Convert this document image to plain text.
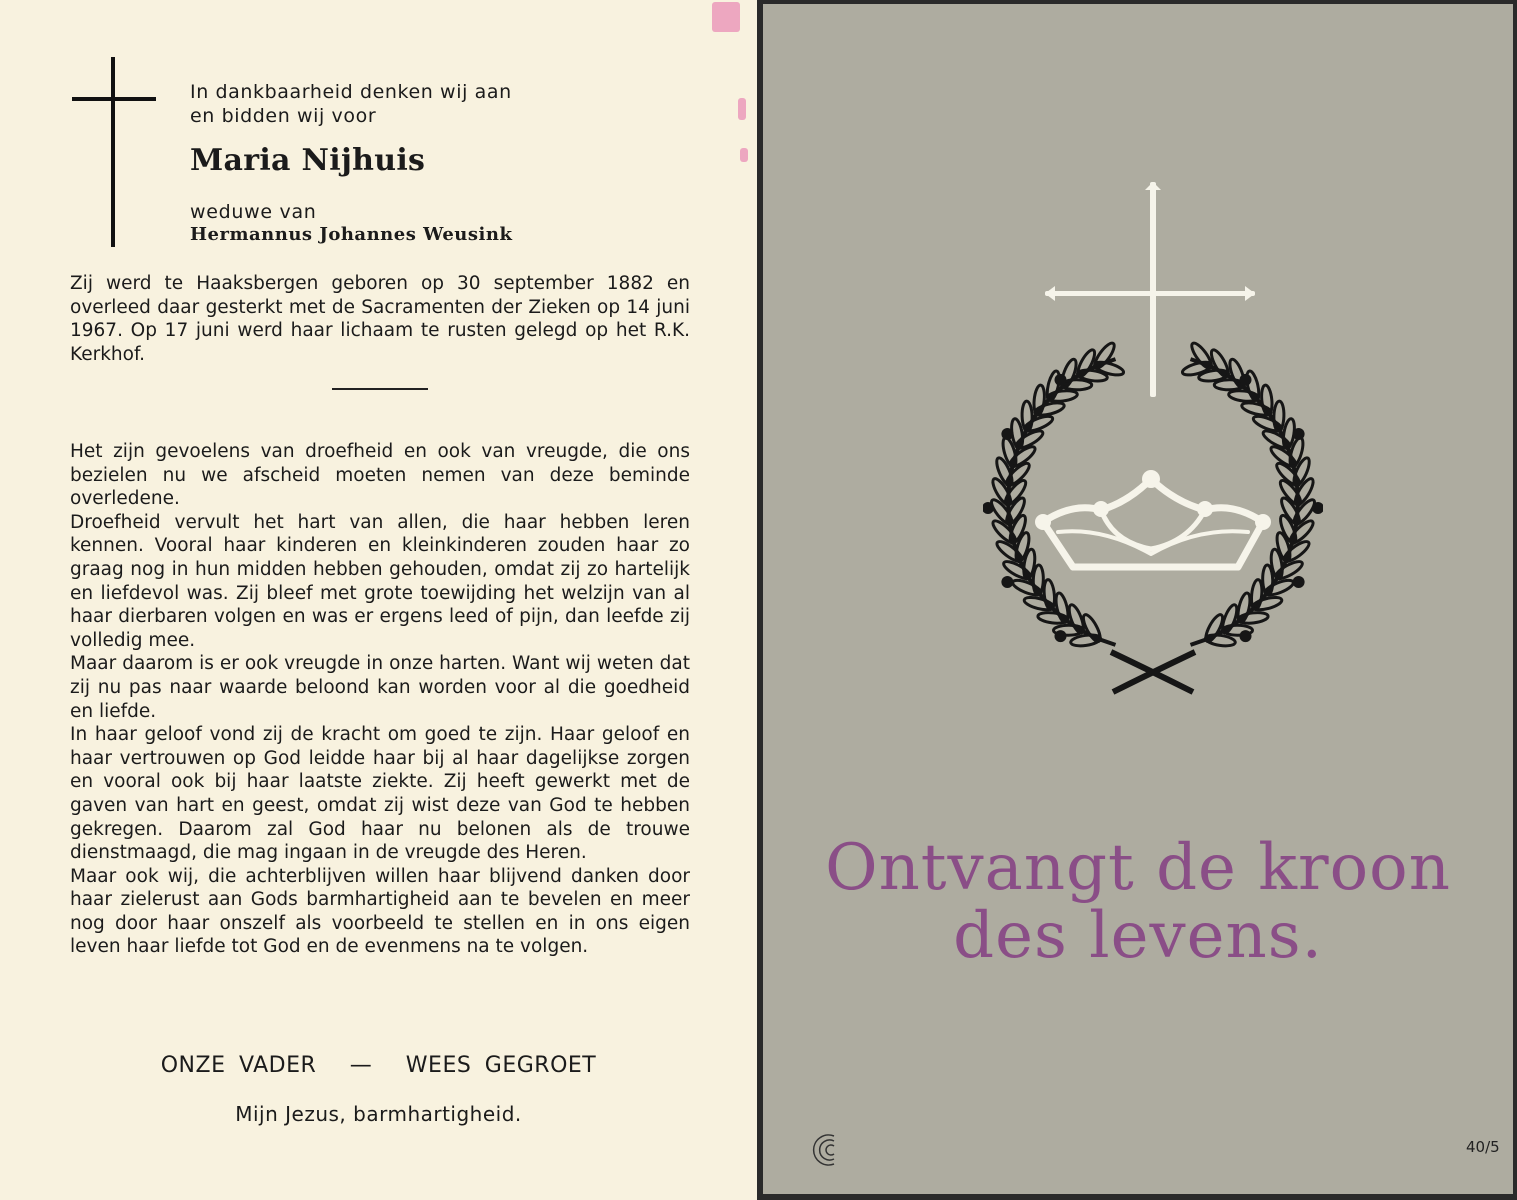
In dankbaarheid denken wij aan
en bidden wij voor
Maria Nijhuis
weduwe van
Hermannus Johannes Weusink
Zij werd te Haaksbergen geboren op 30 september 1882 en overleed daar gesterkt met de Sacramenten der Zieken op 14 juni 1967. Op 17 juni werd haar lichaam te rusten gelegd op het R.K. Kerkhof.

Het zijn gevoelens van droefheid en ook van vreugde, die ons bezielen nu we afscheid moeten nemen van deze beminde overledene.

Droefheid vervult het hart van allen, die haar hebben leren kennen. Vooral haar kinderen en kleinkinderen zouden haar zo graag nog in hun midden hebben gehouden, omdat zij zo hartelijk en liefdevol was. Zij bleef met grote toewijding het welzijn van al haar dierbaren volgen en was er ergens leed of pijn, dan leefde zij volledig mee.

Maar daarom is er ook vreugde in onze harten. Want wij weten dat zij nu pas naar waarde beloond kan worden voor al die goedheid en liefde.

In haar geloof vond zij de kracht om goed te zijn. Haar geloof en haar vertrouwen op God leidde haar bij al haar dagelijkse zorgen en vooral ook bij haar laatste ziekte. Zij heeft gewerkt met de gaven van hart en geest, omdat zij wist deze van God te hebben gekregen. Daarom zal God haar nu belonen als de trouwe dienstmaagd, die mag ingaan in de vreugde des Heren.

Maar ook wij, die achterblijven willen haar blijvend danken door haar zielerust aan Gods barmhartigheid aan te bevelen en meer nog door haar onszelf als voorbeeld te stellen en in ons eigen leven haar liefde tot God en de evenmens na te volgen.

ONZE VADER — WEES GEGROET
Mijn Jezus, barmhartigheid.
Ontvangt de kroon
des levens.
40/5
